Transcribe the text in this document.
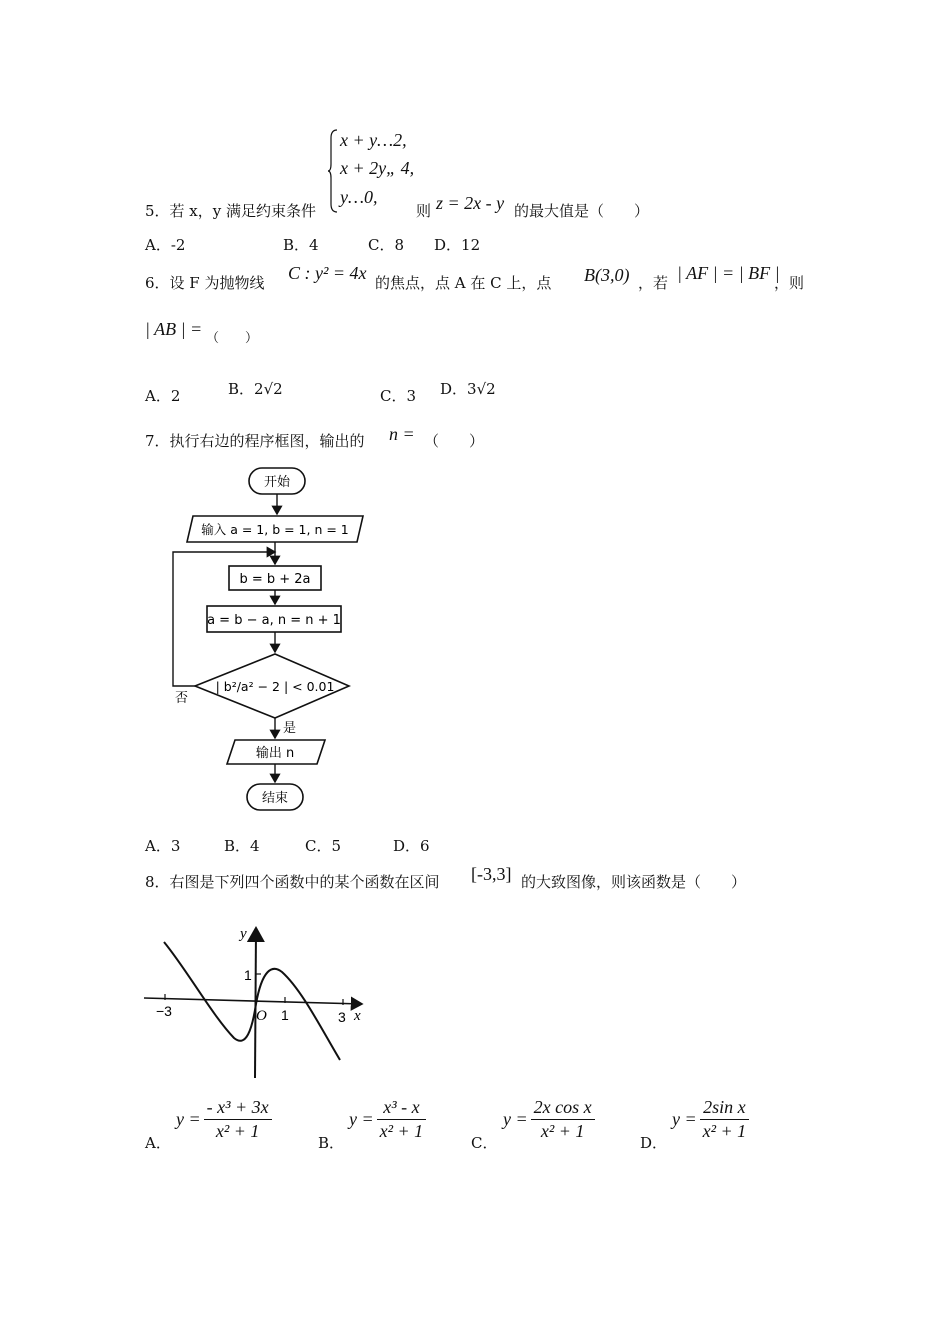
x + y…2,
x + 2y„ 4,
y…0,
5．若 x，y 满足约束条件	则 z = 2x - y 的最大值是（　　）
A．-2	B．4	C．8 D．12
6．设 F 为抛物线 C : y² = 4x 的焦点，点 A 在 C 上，点 B(3,0) ，若 | AF | = | BF |
，则
| AB | = （　　）
A．2	B．2√2	C．3 D．3√2
7．执行右边的程序框图，输出的 n = （　　）
开始
输入 a = 1, b = 1, n = 1
b = b + 2a
a = b − a, n = n + 1
| b²/a² − 2 | < 0.01
否
是
输出 n
结束
A．3	B．4	C．5	D．6
8．右图是下列四个函数中的某个函数在区间 [-3,3] 的大致图像，则该函数是（　　）
y
x
O
−3	1	3
1
A．
$y = \frac{\text{- x³ + 3x}}{\text{x² + 1}}$
B．
$y = \frac{\text{x³ - x}}{\text{x² + 1}}$
C．
$y = \frac{\text{2x cos x}}{\text{x² + 1}}$
D．
$y = \frac{\text{2sin x}}{\text{x² + 1}}$
